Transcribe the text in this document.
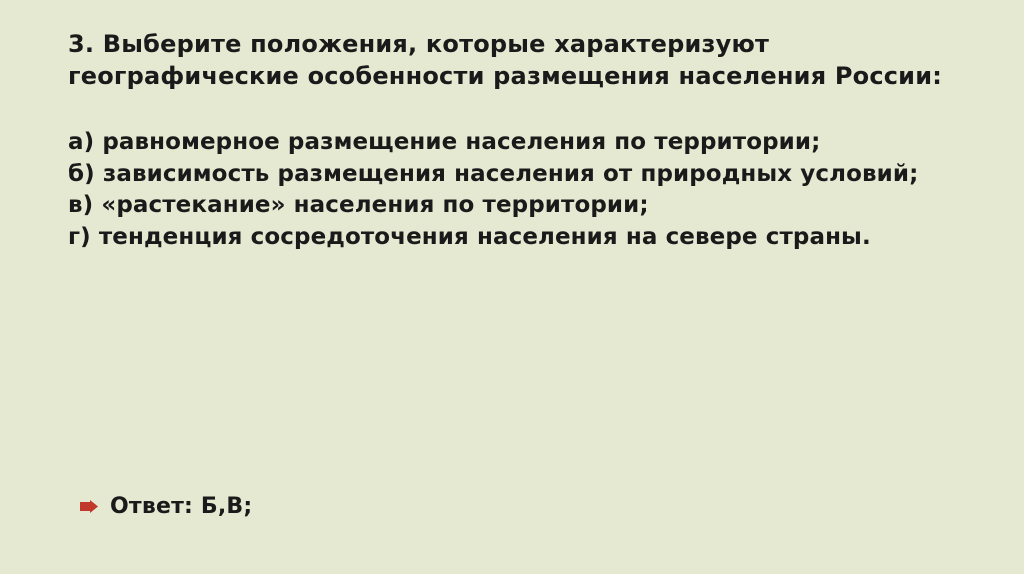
3. Выберите положения, которые характеризуют географические особенности размещения населения России:
а) равномерное размещение населения по территории;
б) зависимость размещения населения от природных условий;
в) «растекание» населения по территории;
г) тенденция сосредоточения населения на севере страны.
Ответ: Б,В;
